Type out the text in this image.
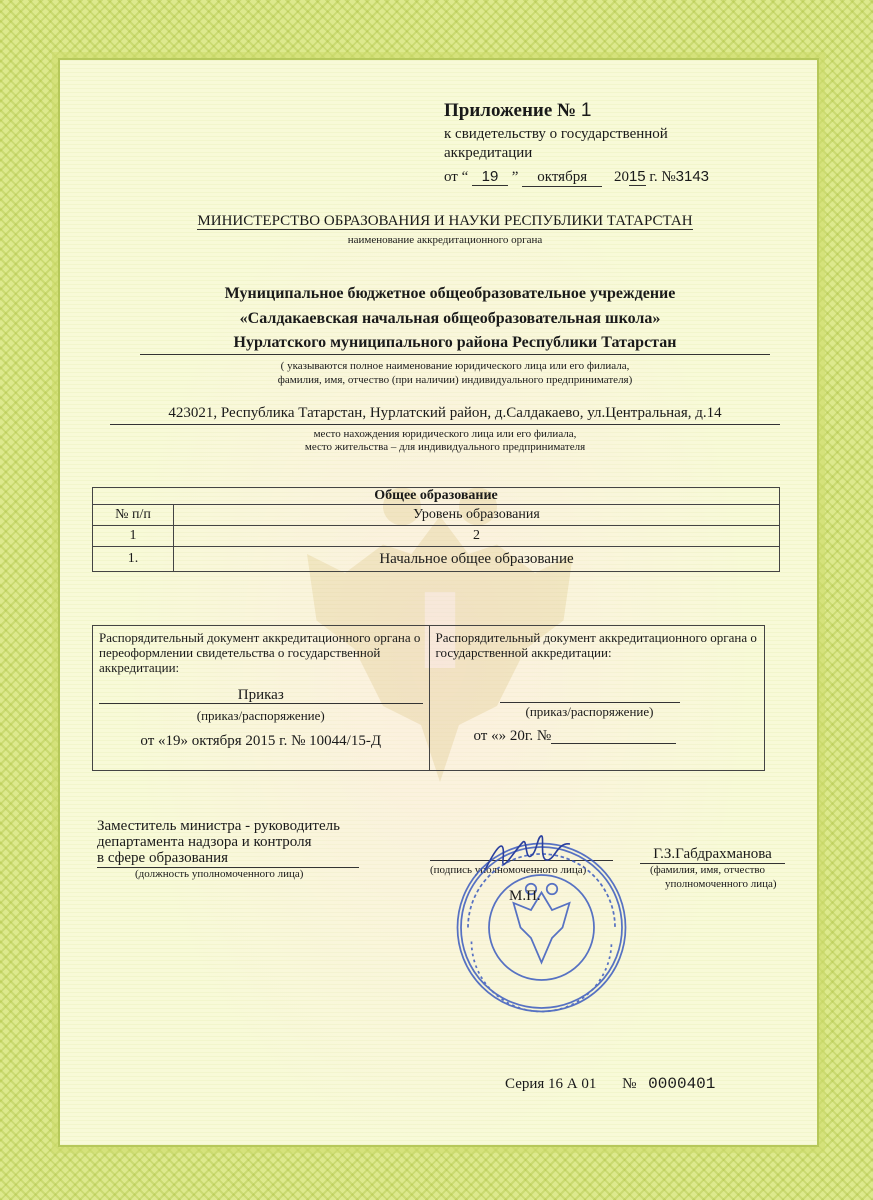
Приложение № 1
к свидетельству о государственной
аккредитации
от “ 19 ” октября 2015 г. №3143
МИНИСТЕРСТВО ОБРАЗОВАНИЯ И НАУКИ РЕСПУБЛИКИ ТАТАРСТАН
наименование аккредитационного органа
Муниципальное бюджетное общеобразовательное учреждение
«Салдакаевская начальная общеобразовательная школа»
Нурлатского муниципального района Республики Татарстан
( указываются полное наименование юридического лица или его филиала,
фамилия, имя, отчество (при наличии) индивидуального предпринимателя)
423021, Республика Татарстан, Нурлатский район, д.Салдакаево, ул.Центральная, д.14
место нахождения юридического лица или его филиала,
место жительства – для индивидуального предпринимателя
Общее образование	
№ п/п	Уровень образования
1	2
1.	Начальное общее образование
Распорядительный документ аккредитационного органа о переоформлении свидетельства о государственной аккредитации:
Приказ
(приказ/распоряжение)
от «19» октября 2015 г. № 10044/15-Д
Распорядительный документ аккредитационного органа о государственной аккредитации:
(приказ/распоряжение)
от «» 20г. №
Заместитель министра - руководитель
департамента надзора и контроля
в сфере образования
(должность уполномоченного лица)	(подпись уполномоченного лица)
Г.З.Габдрахманова
(фамилия, имя, отчество
уполномоченного лица)
М.П.
Серия 16 А 01 № 0000401
